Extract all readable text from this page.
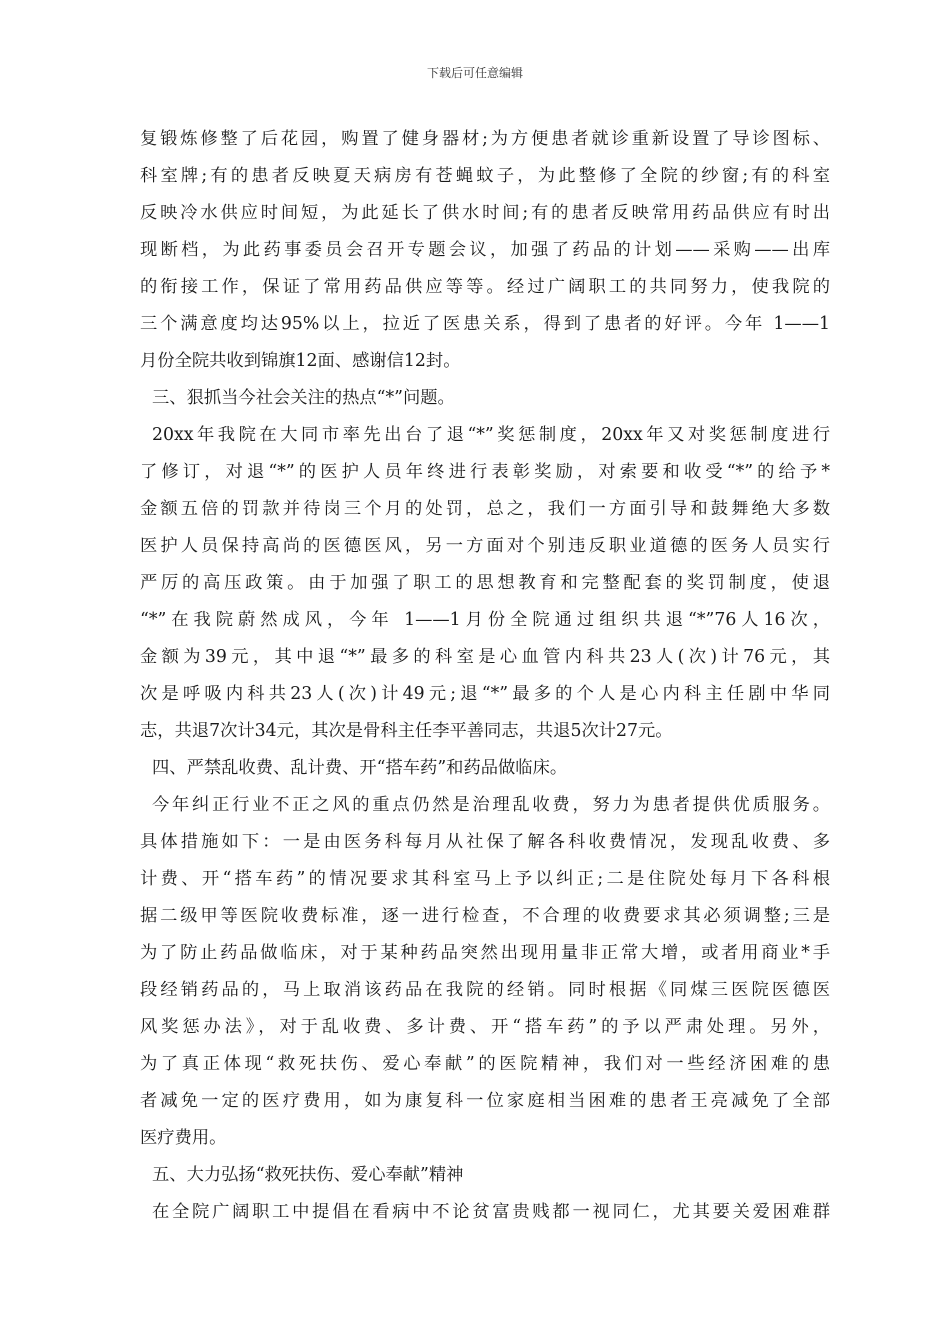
下载后可任意编辑
复锻炼修整了后花园，购置了健身器材;为方便患者就诊重新设置了导诊图标、
科室牌;有的患者反映夏天病房有苍蝇蚊子，为此整修了全院的纱窗;有的科室
反映冷水供应时间短，为此延长了供水时间;有的患者反映常用药品供应有时出
现断档，为此药事委员会召开专题会议，加强了药品的计划——采购——出库
的衔接工作，保证了常用药品供应等等。经过广阔职工的共同努力，使我院的
三个满意度均达95%以上，拉近了医患关系，得到了患者的好评。今年 1——1
月份全院共收到锦旗12面、感谢信12封。
三、狠抓当今社会关注的热点“*”问题。
20xx年我院在大同市率先出台了退“*”奖惩制度，20xx年又对奖惩制度进行
了修订，对退“*”的医护人员年终进行表彰奖励，对索要和收受“*”的给予*
金额五倍的罚款并待岗三个月的处罚，总之，我们一方面引导和鼓舞绝大多数
医护人员保持高尚的医德医风，另一方面对个别违反职业道德的医务人员实行
严厉的高压政策。由于加强了职工的思想教育和完整配套的奖罚制度，使退
“*”在我院蔚然成风，今年 1——1月份全院通过组织共退“*”76人16次，
金额为39元，其中退“*”最多的科室是心血管内科共23人(次)计76元，其
次是呼吸内科共23人(次)计49元;退“*”最多的个人是心内科主任剧中华同
志，共退7次计34元，其次是骨科主任李平善同志，共退5次计27元。
四、严禁乱收费、乱计费、开“搭车药”和药品做临床。
今年纠正行业不正之风的重点仍然是治理乱收费，努力为患者提供优质服务。
具体措施如下：一是由医务科每月从社保了解各科收费情况，发现乱收费、多
计费、开“搭车药”的情况要求其科室马上予以纠正;二是住院处每月下各科根
据二级甲等医院收费标准，逐一进行检查，不合理的收费要求其必须调整;三是
为了防止药品做临床，对于某种药品突然出现用量非正常大增，或者用商业*手
段经销药品的，马上取消该药品在我院的经销。同时根据《同煤三医院医德医
风奖惩办法》，对于乱收费、多计费、开“搭车药”的予以严肃处理。另外，
为了真正体现“救死扶伤、爱心奉献”的医院精神，我们对一些经济困难的患
者减免一定的医疗费用，如为康复科一位家庭相当困难的患者王亮减免了全部
医疗费用。
五、大力弘扬“救死扶伤、爱心奉献”精神
在全院广阔职工中提倡在看病中不论贫富贵贱都一视同仁，尤其要关爱困难群
